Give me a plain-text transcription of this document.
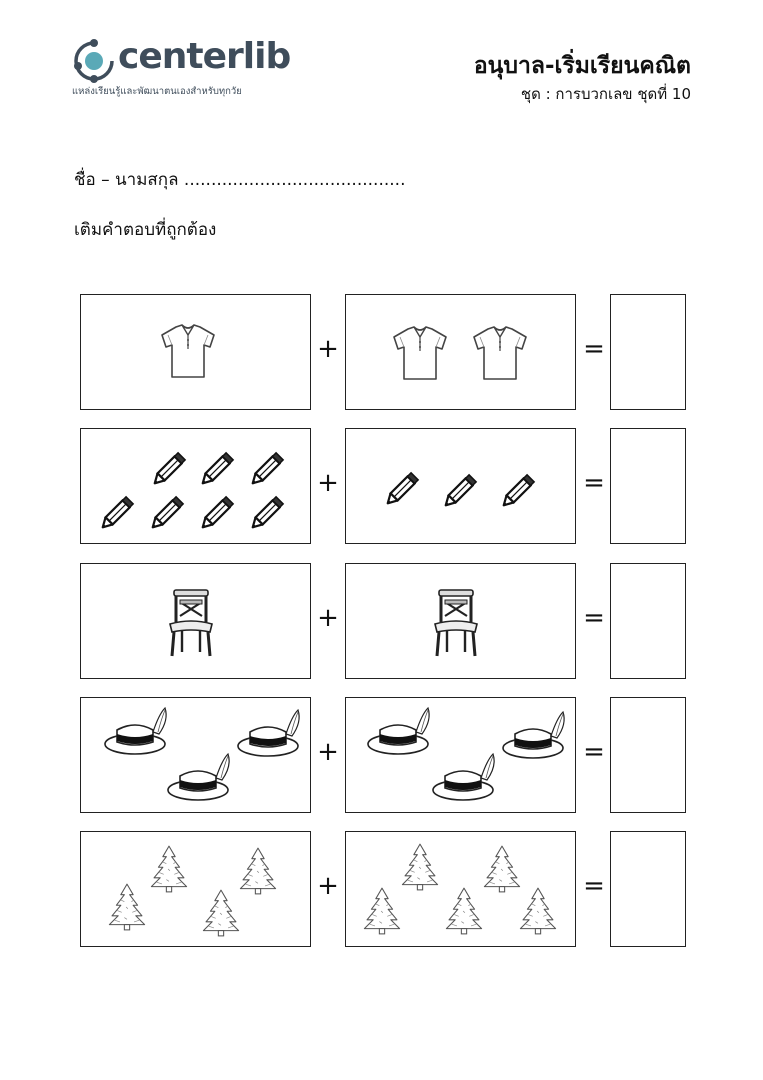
centerlib
แหล่งเรียนรู้และพัฒนาตนเองสำหรับทุกวัย
อนุบาล-เริ่มเรียนคณิต
ชุด : การบวกเลข ชุดที่ 10
ชื่อ – นามสกุล .........................................
เติมคำตอบที่ถูกต้อง
+	=
+	=
+	=
+	=
+	=
